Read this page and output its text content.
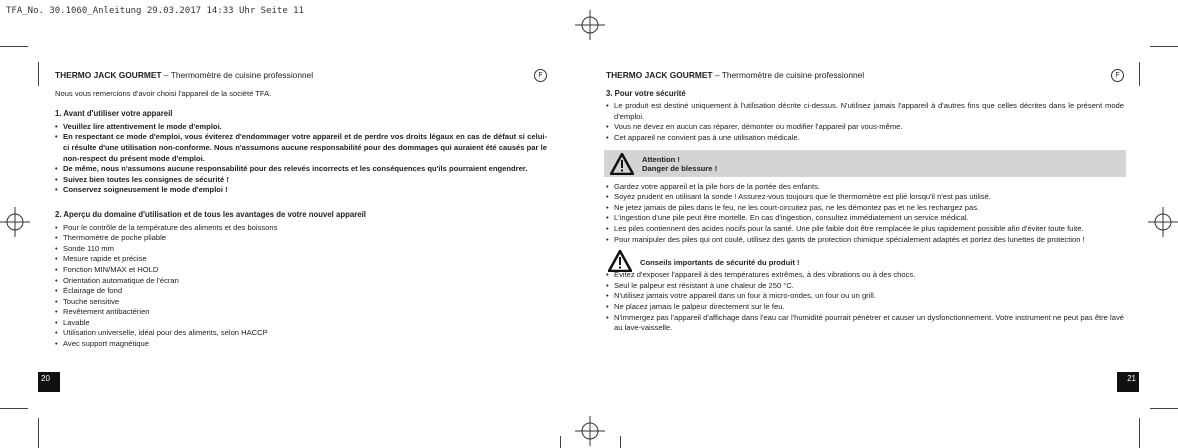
TFA_No. 30.1060_Anleitung 29.03.2017 14:33 Uhr Seite 11
THERMO JACK GOURMET – Thermomètre de cuisine professionnel	F
Nous vous remercions d'avoir choisi l'appareil de la société TFA.
1. Avant d'utiliser votre appareil
• Veuillez lire attentivement le mode d'emploi.
• En respectant ce mode d'emploi, vous éviterez d'endommager votre appareil et de perdre vos droits légaux en cas de défaut si celui-ci résulte d'une utilisation non-conforme. Nous n'assumons aucune responsabilité pour des dommages qui auraient été causés par le non-respect du présent mode d'emploi.
• De même, nous n'assumons aucune responsabilité pour des relevés incorrects et les conséquences qu'ils pourraient engendrer.
• Suivez bien toutes les consignes de sécurité !
• Conservez soigneusement le mode d'emploi !
2. Aperçu du domaine d'utilisation et de tous les avantages de votre nouvel appareil
• Pour le contrôle de la température des aliments et des boissons
• Thermomètre de poche pliable
• Sonde 110 mm
• Mesure rapide et précise
• Fonction MIN/MAX et HOLD
• Orientation automatique de l'écran
• Éclairage de fond
• Touche sensitive
• Revêtement antibactérien
• Lavable
• Utilisation universelle, idéal pour des aliments, selon HACCP
• Avec support magnétique
20
THERMO JACK GOURMET – Thermomètre de cuisine professionnel	F
3. Pour votre sécurité
• Le produit est destiné uniquement à l'utilisation décrite ci-dessus. N'utilisez jamais l'appareil à d'autres fins que celles décrites dans le présent mode d'emploi.
• Vous ne devez en aucun cas réparer, démonter ou modifier l'appareil par vous-même.
• Cet appareil ne convient pas à une utilisation médicale.
Attention !
Danger de blessure !
• Gardez votre appareil et la pile hors de la portée des enfants.
• Soyez prudent en utilisant la sonde ! Assurez-vous toujours que le thermomètre est plié lorsqu'il n'est pas utilisé.
• Ne jetez jamais de piles dans le feu, ne les court-circuitez pas, ne les démontez pas et ne les rechargez pas.
• L'ingestion d'une pile peut être mortelle. En cas d'ingestion, consultez immédiatement un service médical.
• Les piles contiennent des acides nocifs pour la santé. Une pile faible doit être remplacée le plus rapidement possible afin d'éviter toute fuite.
• Pour manipuler des piles qui ont coulé, utilisez des gants de protection chimique spécialement adaptés et portez des lunettes de protection !
Conseils importants de sécurité du produit !
• Évitez d'exposer l'appareil à des températures extrêmes, à des vibrations ou à des chocs.
• Seul le palpeur est résistant à une chaleur de 250 °C.
• N'utilisez jamais votre appareil dans un four à micro-ondes, un four ou un grill.
• Ne placez jamais le palpeur directement sur le feu.
• N'immergez pas l'appareil d'affichage dans l'eau car l'humidité pourrait pénétrer et causer un dysfonctionnement. Votre instrument ne peut pas être lavé au lave-vaisselle.
21
